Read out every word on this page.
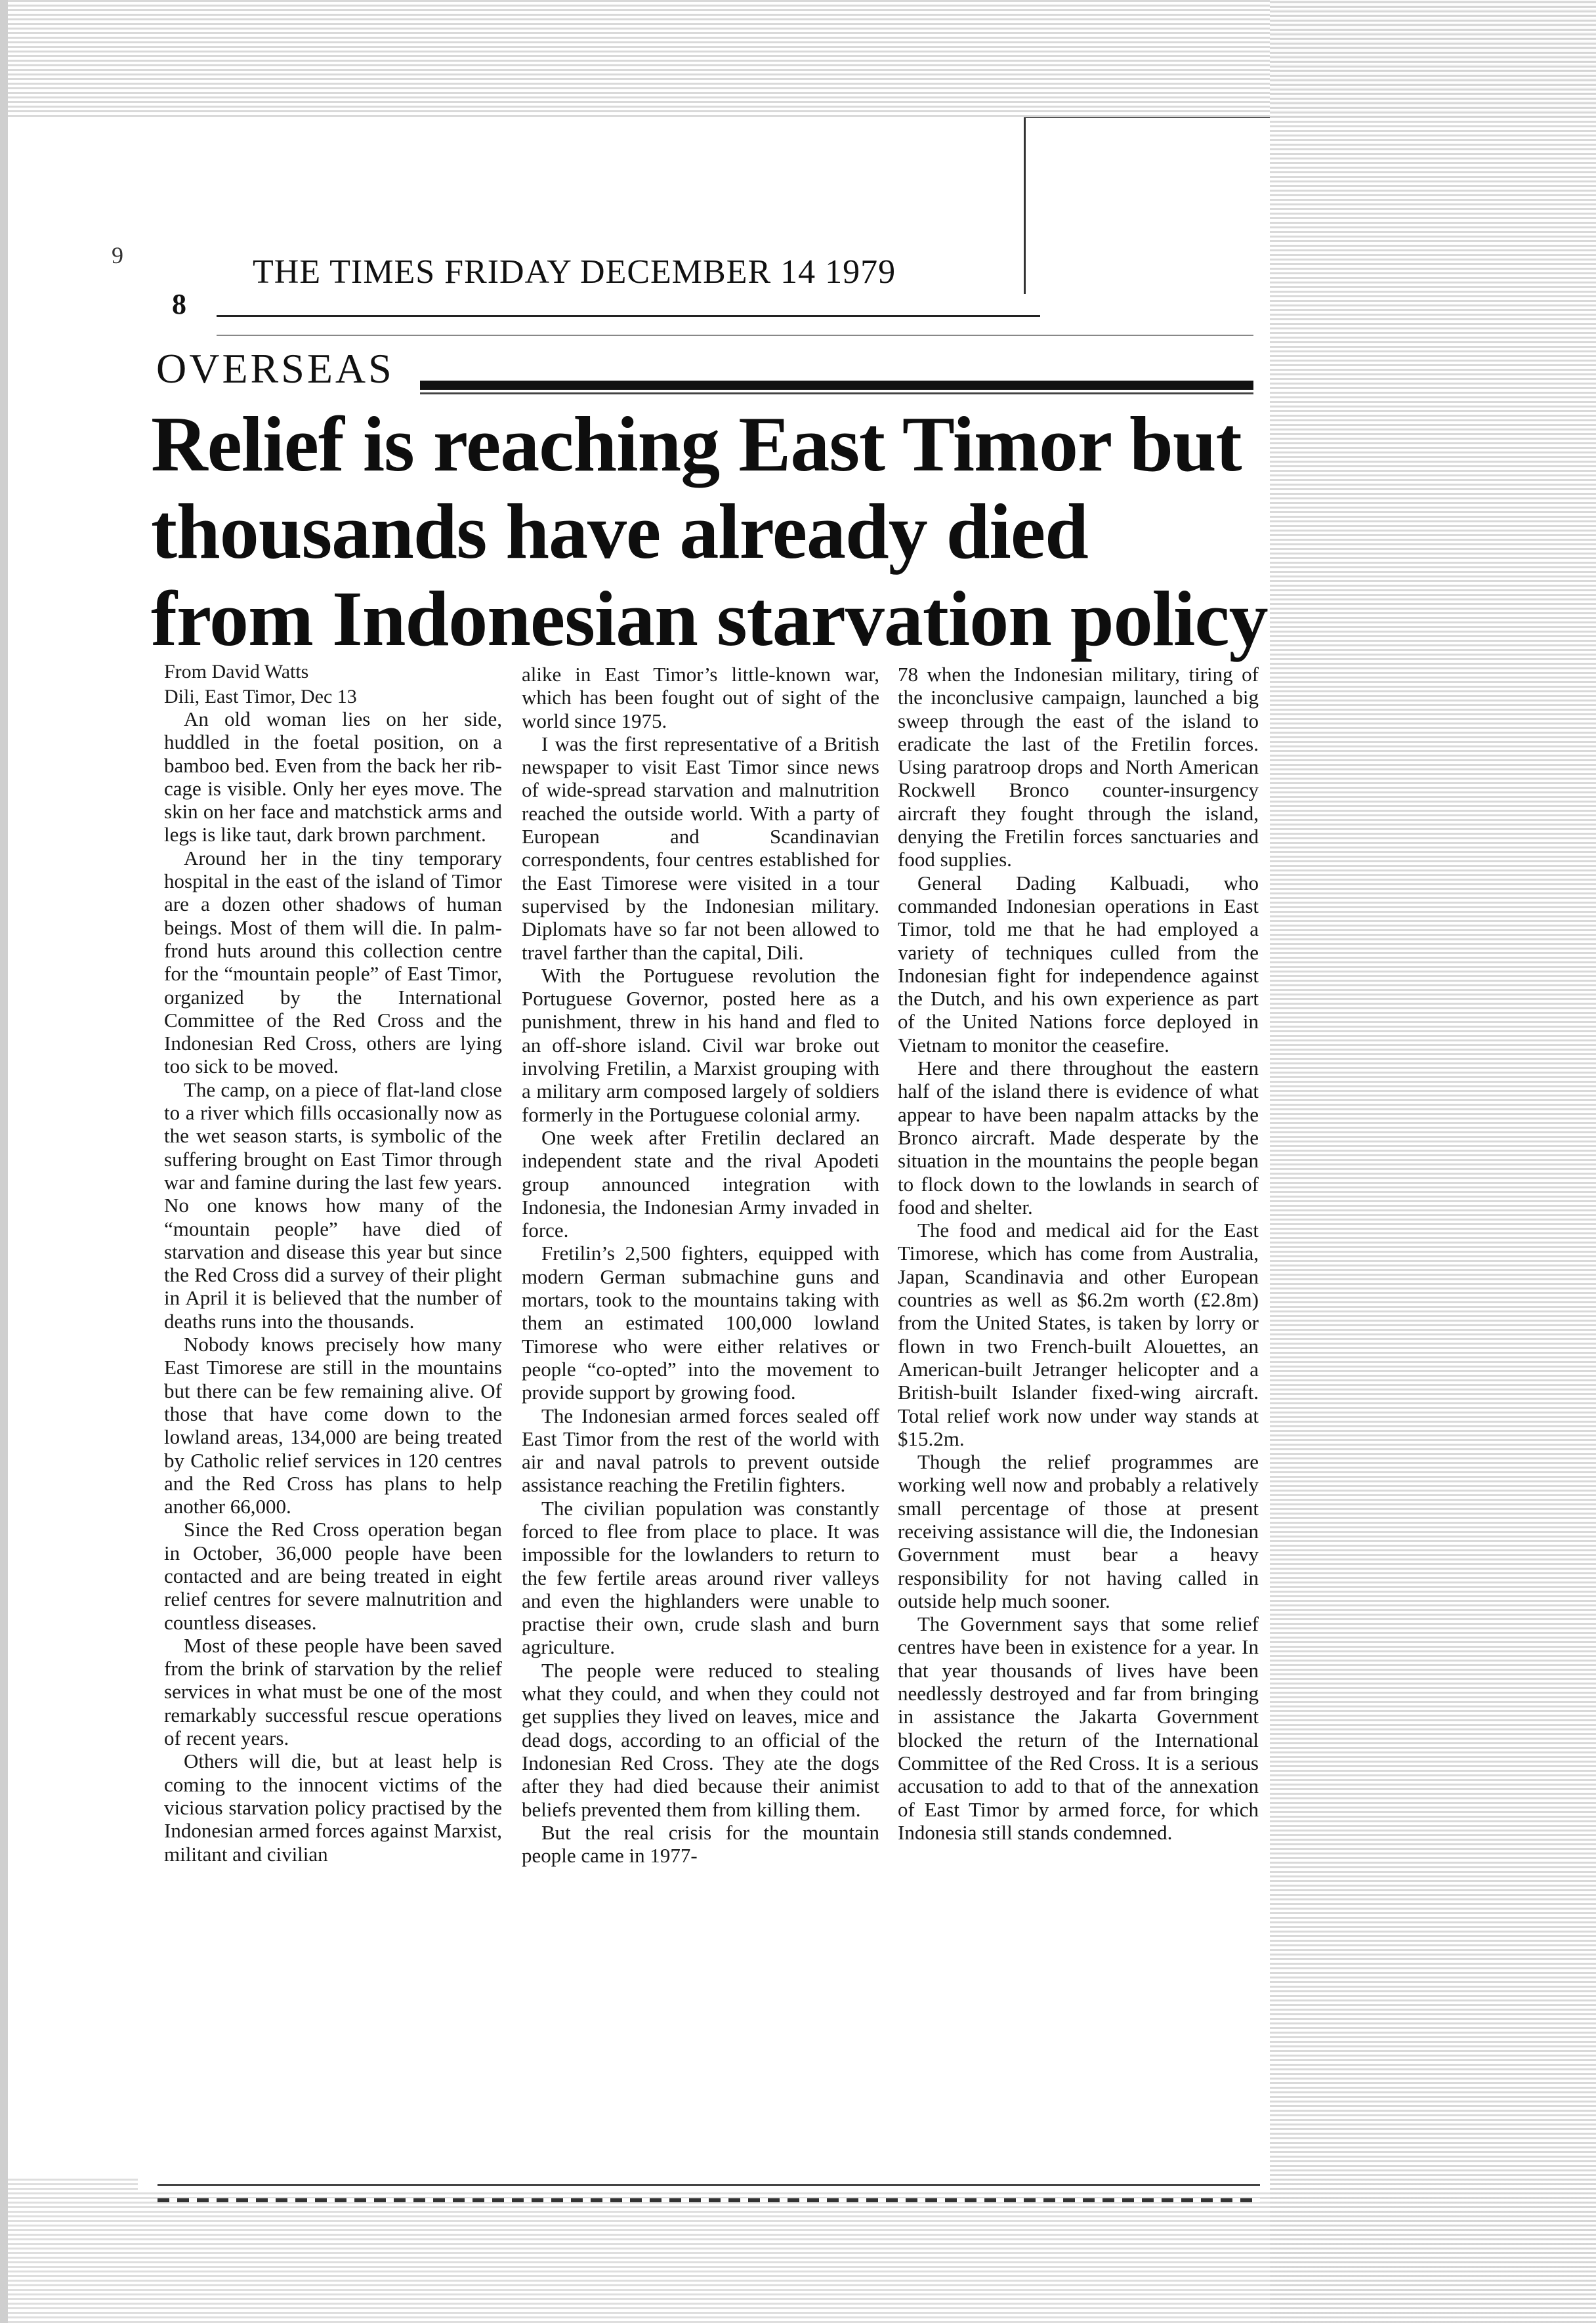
9	THE TIMES FRIDAY DECEMBER 14 1979
8
OVERSEAS
Relief is reaching East Timor but
thousands have already died
from Indonesian starvation policy
From David Watts
Dili, East Timor, Dec 13

An old woman lies on her side, huddled in the foetal position, on a bamboo bed. Even from the back her rib-cage is visible. Only her eyes move. The skin on her face and matchstick arms and legs is like taut, dark brown parchment.

Around her in the tiny temporary hospital in the east of the island of Timor are a dozen other shadows of human beings. Most of them will die. In palm-frond huts around this collection centre for the “mountain people” of East Timor, organized by the International Committee of the Red Cross and the Indonesian Red Cross, others are lying too sick to be moved.

The camp, on a piece of flat-land close to a river which fills occasionally now as the wet season starts, is symbolic of the suffering brought on East Timor through war and famine during the last few years. No one knows how many of the “mountain people” have died of starvation and disease this year but since the Red Cross did a survey of their plight in April it is believed that the number of deaths runs into the thousands.

Nobody knows precisely how many East Timorese are still in the mountains but there can be few remaining alive. Of those that have come down to the lowland areas, 134,000 are being treated by Catholic relief services in 120 centres and the Red Cross has plans to help another 66,000.

Since the Red Cross operation began in October, 36,000 people have been contacted and are being treated in eight relief centres for severe malnutrition and countless diseases.

Most of these people have been saved from the brink of starvation by the relief services in what must be one of the most remarkably successful rescue operations of recent years.

Others will die, but at least help is coming to the innocent victims of the vicious starvation policy practised by the Indonesian armed forces against Marxist, militant and civilian

alike in East Timor’s little-known war, which has been fought out of sight of the world since 1975.

I was the first representative of a British newspaper to visit East Timor since news of wide-spread starvation and malnutrition reached the outside world. With a party of European and Scandinavian correspondents, four centres established for the East Timorese were visited in a tour supervised by the Indonesian military. Diplomats have so far not been allowed to travel farther than the capital, Dili.

With the Portuguese revolution the Portuguese Governor, posted here as a punishment, threw in his hand and fled to an off-shore island. Civil war broke out involving Fretilin, a Marxist grouping with a military arm composed largely of soldiers formerly in the Portuguese colonial army.

One week after Fretilin declared an independent state and the rival Apodeti group announced integration with Indonesia, the Indonesian Army invaded in force.

Fretilin’s 2,500 fighters, equipped with modern German submachine guns and mortars, took to the mountains taking with them an estimated 100,000 lowland Timorese who were either relatives or people “co-opted” into the movement to provide support by growing food.

The Indonesian armed forces sealed off East Timor from the rest of the world with air and naval patrols to prevent outside assistance reaching the Fretilin fighters.

The civilian population was constantly forced to flee from place to place. It was impossible for the lowlanders to return to the few fertile areas around river valleys and even the highlanders were unable to practise their own, crude slash and burn agriculture.

The people were reduced to stealing what they could, and when they could not get supplies they lived on leaves, mice and dead dogs, according to an official of the Indonesian Red Cross. They ate the dogs after they had died because their animist beliefs prevented them from killing them.

But the real crisis for the mountain people came in 1977-

78 when the Indonesian military, tiring of the inconclusive campaign, launched a big sweep through the east of the island to eradicate the last of the Fretilin forces. Using paratroop drops and North American Rockwell Bronco counter-insurgency aircraft they fought through the island, denying the Fretilin forces sanctuaries and food supplies.

General Dading Kalbuadi, who commanded Indonesian operations in East Timor, told me that he had employed a variety of techniques culled from the Indonesian fight for independence against the Dutch, and his own experience as part of the United Nations force deployed in Vietnam to monitor the ceasefire.

Here and there throughout the eastern half of the island there is evidence of what appear to have been napalm attacks by the Bronco aircraft. Made desperate by the situation in the mountains the people began to flock down to the lowlands in search of food and shelter.

The food and medical aid for the East Timorese, which has come from Australia, Japan, Scandinavia and other European countries as well as $6.2m worth (£2.8m) from the United States, is taken by lorry or flown in two French-built Alouettes, an American-built Jetranger helicopter and a British-built Islander fixed-wing aircraft. Total relief work now under way stands at $15.2m.

Though the relief programmes are working well now and probably a relatively small percentage of those at present receiving assistance will die, the Indonesian Government must bear a heavy responsibility for not having called in outside help much sooner.

The Government says that some relief centres have been in existence for a year. In that year thousands of lives have been needlessly destroyed and far from bringing in assistance the Jakarta Government blocked the return of the International Committee of the Red Cross. It is a serious accusation to add to that of the annexation of East Timor by armed force, for which Indonesia still stands condemned.
